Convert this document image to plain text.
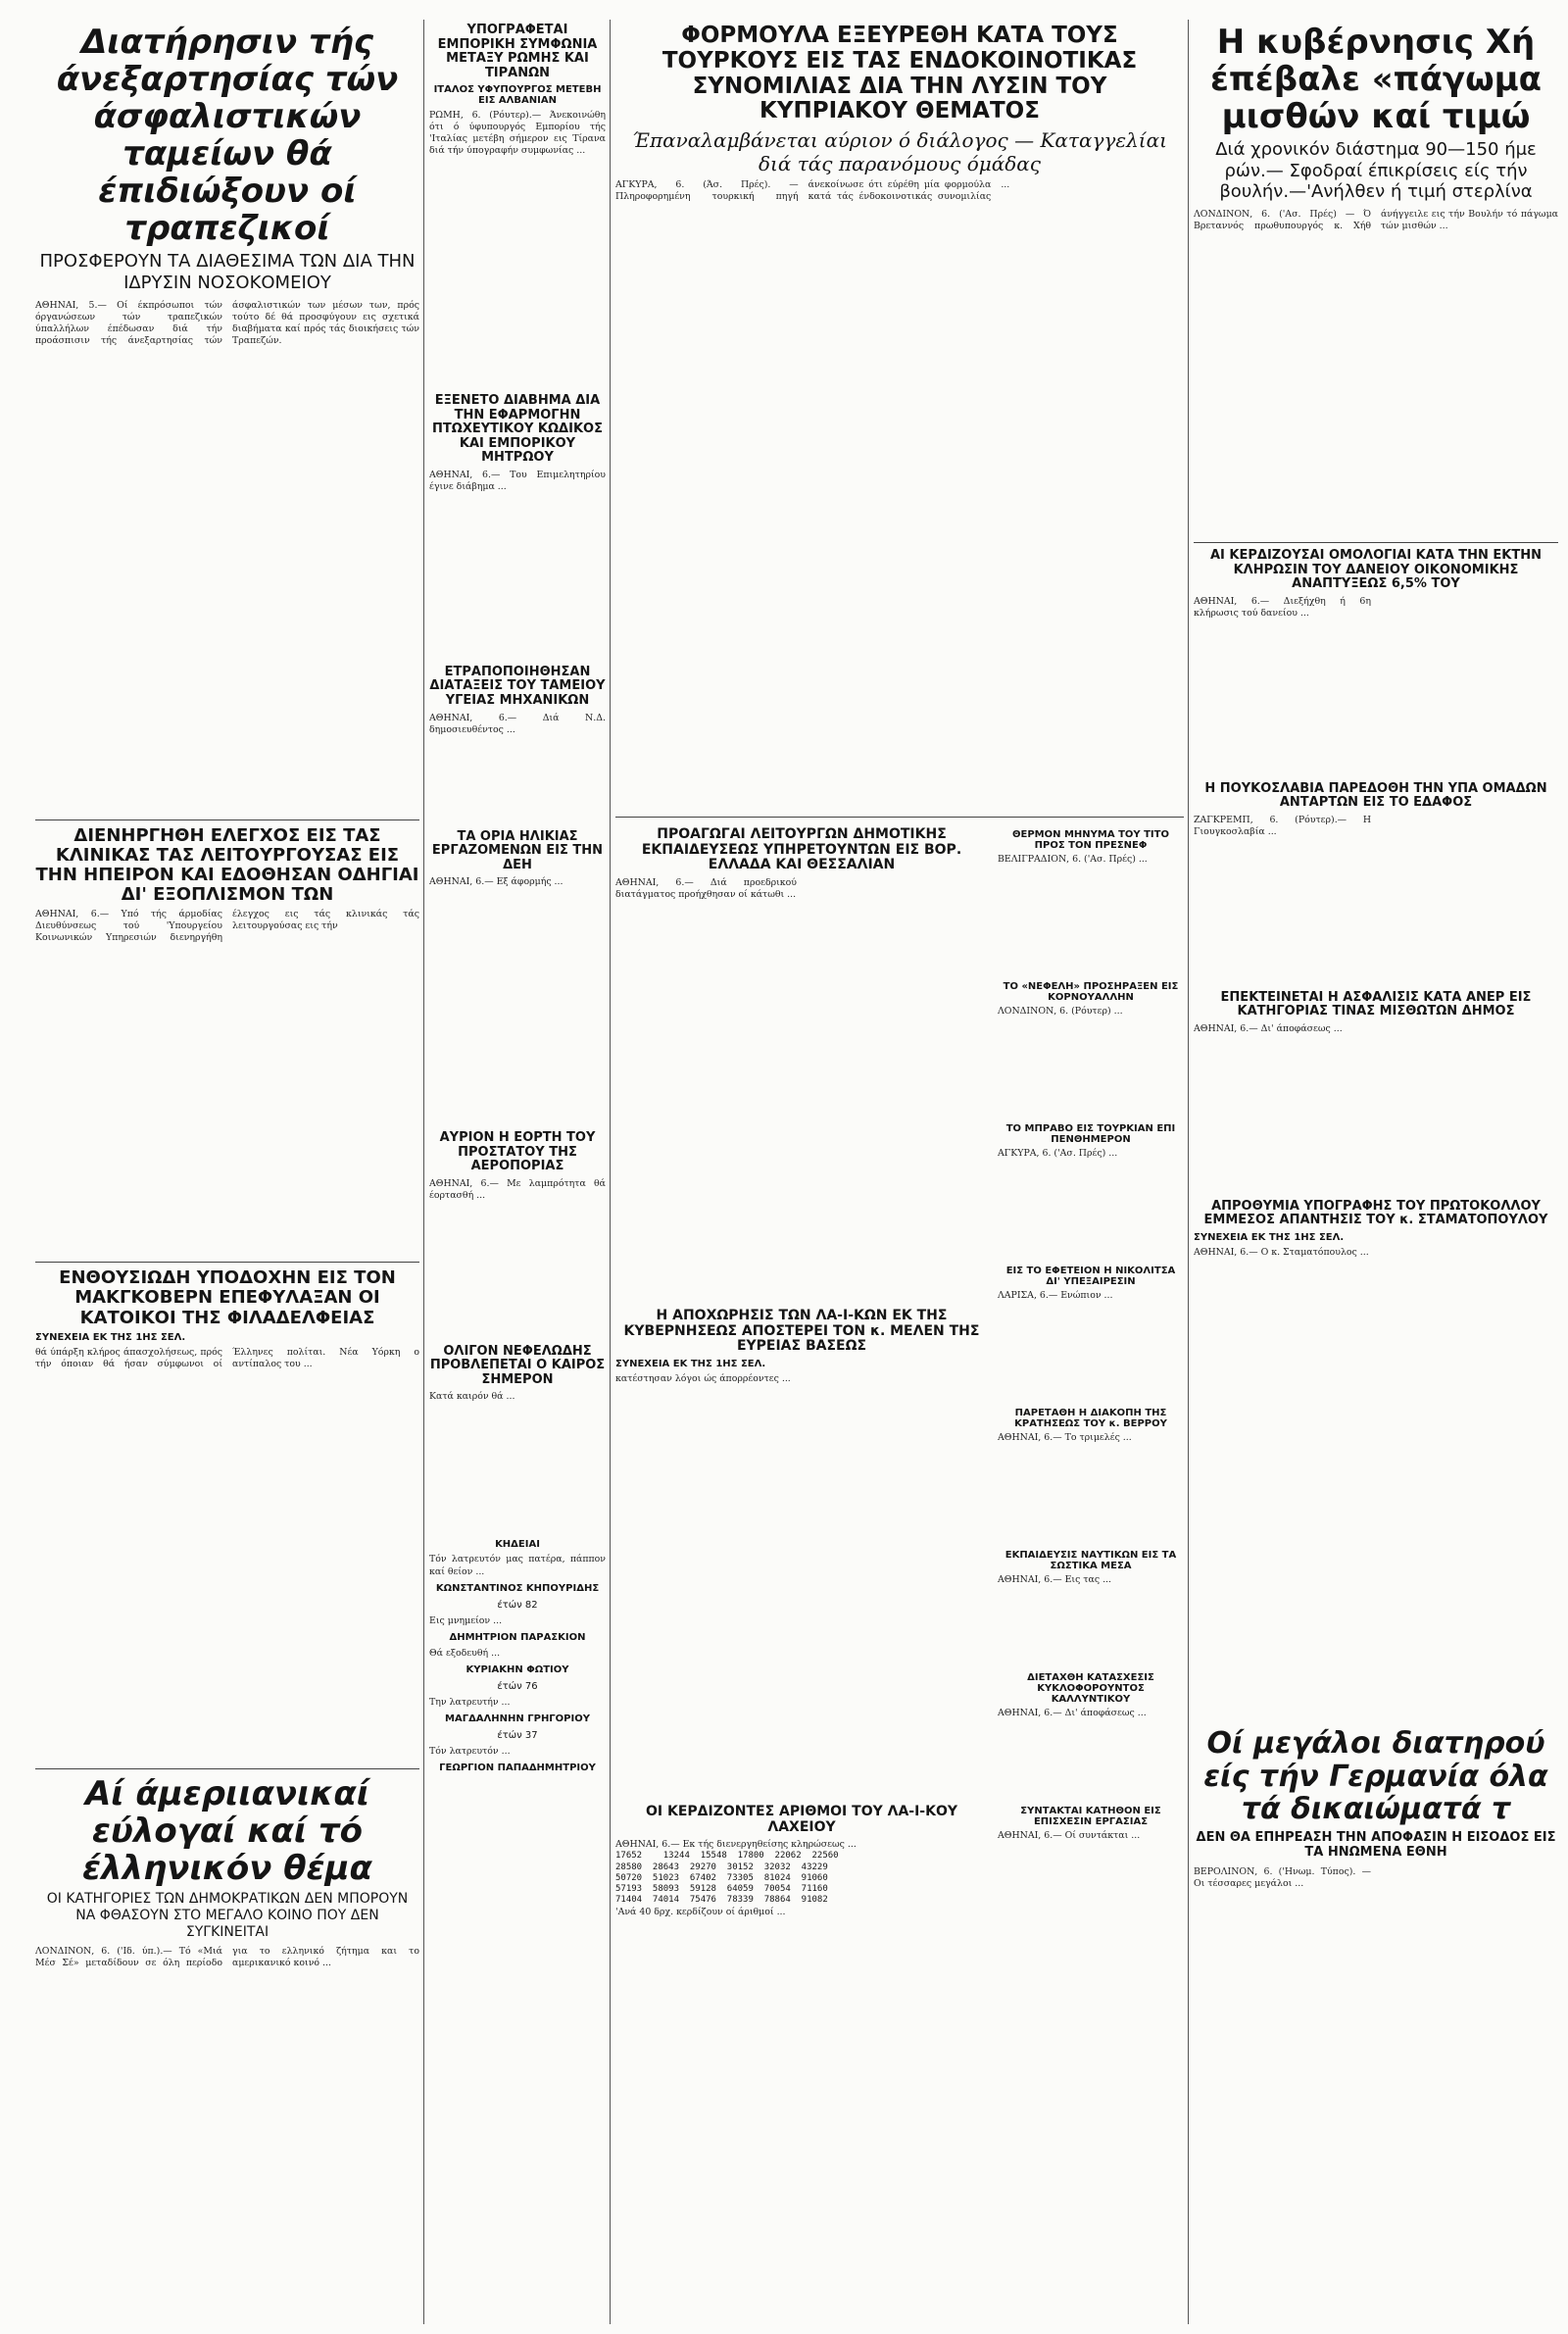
Διατήρησιν τής άνεξαρτησίας τών άσφαλιστικών ταμείων θά έπιδιώξουν οί τραπεζικοί
ΠΡΟΣΦΕΡΟΥΝ ΤΑ ΔΙΑΘΕΣΙΜΑ ΤΩΝ ΔΙΑ ΤΗΝ ΙΔΡΥΣΙΝ ΝΟΣΟΚΟΜΕΙΟΥ

ΑΘΗΝΑΙ, 5.— Οί έκπρόσωποι τών όργανώσεων τών τραπεζικών ύπαλλήλων έπέδωσαν διά τήν προάσπισιν τής άνεξαρτησίας τών άσφαλιστικών των μέσων των, πρός τούτο δέ θά προσφύγουν εις σχετικά διαβήματα καί πρός τάς διοικήσεις τών Τραπεζών.

ΔΙΕΝΗΡΓΗΘΗ ΕΛΕΓΧΟΣ ΕΙΣ ΤΑΣ ΚΛΙΝΙΚΑΣ ΤΑΣ ΛΕΙΤΟΥΡΓΟΥΣΑΣ ΕΙΣ ΤΗΝ ΗΠΕΙΡΟΝ ΚΑΙ ΕΔΟΘΗΣΑΝ ΟΔΗΓΙΑΙ ΔΙ' ΕΞΟΠΛΙΣΜΟΝ ΤΩΝ

ΑΘΗΝΑΙ, 6.— Υπό τής άρμοδίας Διευθύνσεως τού 'Υπουργείου Κοινωνικών Υπηρεσιών διενηργήθη έλεγχος εις τάς κλινικάς τάς λειτουργούσας εις τήν

ΕΝΘΟΥΣΙΩΔΗ ΥΠΟΔΟΧΗΝ ΕΙΣ ΤΟΝ ΜΑΚΓΚΟΒΕΡΝ ΕΠΕΦΥΛΑΞΑΝ ΟΙ ΚΑΤΟΙΚΟΙ ΤΗΣ ΦΙΛΑΔΕΛΦΕΙΑΣ
ΣΥΝΕΧΕΙΑ ΕΚ ΤΗΣ 1ΗΣ ΣΕΛ.

θά ύπάρξη κλήρος άπασχολήσεως, πρός τήν όποιαν θά ήσαν σύμφωνοι οί Έλληνες πολίται. Νέα Υόρκη ο αντίπαλος του ...

Αί άμεριιανικαί εύλογαί καί τό έλληνικόν θέμα
ΟΙ ΚΑΤΗΓΟΡΙΕΣ ΤΩΝ ΔΗΜΟΚΡΑΤΙΚΩΝ ΔΕΝ ΜΠΟΡΟΥΝ ΝΑ ΦΘΑΣΟΥΝ ΣΤΟ ΜΕΓΑΛΟ ΚΟΙΝΟ ΠΟΥ ΔΕΝ ΣΥΓΚΙΝΕΙΤΑΙ

ΛΟΝΔΙΝΟΝ, 6. ('Ιδ. ύπ.).— Τό «Μιά Μέσ Σέ» μεταδίδουν σε όλη περίοδο για το ελληνικό ζήτημα και το αμερικανικό κοινό ...

ΥΠΟΓΡΑΦΕΤΑΙ ΕΜΠΟΡΙΚΗ ΣΥΜΦΩΝΙΑ ΜΕΤΑΞΥ ΡΩΜΗΣ ΚΑΙ ΤΙΡΑΝΩΝ
ΙΤΑΛΟΣ ΥΦΥΠΟΥΡΓΟΣ ΜΕΤΕΒΗ ΕΙΣ ΑΛΒΑΝΙΑΝ

ΡΩΜΗ, 6. (Ρόυτερ).— Άνεκοινώθη ότι ό ύφυπουργός Εμπορίου τής 'Ιταλίας μετέβη σήμερον εις Τίρανα διά τήν ύπογραφήν συμφωνίας ...

ΕΞΕΝΕΤΟ ΔΙΑΒΗΜΑ ΔΙΑ ΤΗΝ ΕΦΑΡΜΟΓΗΝ ΠΤΩΧΕΥΤΙΚΟΥ ΚΩΔΙΚΟΣ ΚΑΙ ΕΜΠΟΡΙΚΟΥ ΜΗΤΡΩΟΥ

ΑΘΗΝΑΙ, 6.— Του Επιμελητηρίου έγινε διάβημα ...

ΕΤΡΑΠΟΠΟΙΗΘΗΣΑΝ ΔΙΑΤΑΞΕΙΣ ΤΟΥ ΤΑΜΕΙΟΥ ΥΓΕΙΑΣ ΜΗΧΑΝΙΚΩΝ

ΑΘΗΝΑΙ, 6.— Διά Ν.Δ. δημοσιευθέντος ...

ΤΑ ΟΡΙΑ ΗΛΙΚΙΑΣ ΕΡΓΑΖΟΜΕΝΩΝ ΕΙΣ ΤΗΝ ΔΕΗ

ΑΘΗΝΑΙ, 6.— Εξ άφορμής ...

ΑΥΡΙΟΝ Η ΕΟΡΤΗ ΤΟΥ ΠΡΟΣΤΑΤΟΥ ΤΗΣ ΑΕΡΟΠΟΡΙΑΣ

ΑΘΗΝΑΙ, 6.— Με λαμπρότητα θά έορτασθή ...

ΟΛΙΓΟΝ ΝΕΦΕΛΩΔΗΣ ΠΡΟΒΛΕΠΕΤΑΙ Ο ΚΑΙΡΟΣ ΣΗΜΕΡΟΝ

Κατά καιρόν θά ...

ΚΗΔΕΙΑΙ

Τόν λατρευτόν μας πατέρα, πάππον καί θείον ...

ΚΩΝΣΤΑΝΤΙΝΟΣ ΚΗΠΟΥΡΙΔΗΣ
έτών 82

Εις μνημείον ...

ΔΗΜΗΤΡΙΟΝ ΠΑΡΑΣΚΙΟΝ

Θά εξοδευθή ...

ΚΥΡΙΑΚΗΝ ΦΩΤΙΟΥ
έτών 76

Την λατρευτήν ...

ΜΑΓΔΑΛΗΝΗΝ ΓΡΗΓΟΡΙΟΥ
έτών 37

Τόν λατρευτόν ...

ΓΕΩΡΓΙΟΝ ΠΑΠΑΔΗΜΗΤΡΙΟΥ
ΦΟΡΜΟΥΛΑ ΕΞΕΥΡΕΘΗ ΚΑΤΑ ΤΟΥΣ ΤΟΥΡΚΟΥΣ ΕΙΣ ΤΑΣ ΕΝΔΟΚΟΙΝΟΤΙΚΑΣ ΣΥΝΟΜΙΛΙΑΣ ΔΙΑ ΤΗΝ ΛΥΣΙΝ ΤΟΥ ΚΥΠΡΙΑΚΟΥ ΘΕΜΑΤΟΣ
Έπαναλαμβάνεται αύριον ό διάλογος — Καταγγελίαι διά τάς παρανόμους όμάδας

ΑΓΚΥΡΑ, 6. (Άσ. Πρές). — Πληροφορημένη τουρκική πηγή άνεκοίνωσε ότι εύρέθη μία φορμούλα κατά τάς ένδοκοινοτικάς συνομιλίας ...

ΠΡΟΑΓΩΓΑΙ ΛΕΙΤΟΥΡΓΩΝ ΔΗΜΟΤΙΚΗΣ ΕΚΠΑΙΔΕΥΣΕΩΣ ΥΠΗΡΕΤΟΥΝΤΩΝ ΕΙΣ ΒΟΡ. ΕΛΛΑΔΑ ΚΑΙ ΘΕΣΣΑΛΙΑΝ

ΑΘΗΝΑΙ, 6.— Διά προεδρικού διατάγματος προήχθησαν οί κάτωθι ...

Η ΑΠΟΧΩΡΗΣΙΣ ΤΩΝ ΛΑ-Ι-ΚΩΝ ΕΚ ΤΗΣ ΚΥΒΕΡΝΗΣΕΩΣ ΑΠΟΣΤΕΡΕΙ ΤΟΝ κ. ΜΕΛΕΝ ΤΗΣ ΕΥΡΕΙΑΣ ΒΑΣΕΩΣ
ΣΥΝΕΧΕΙΑ ΕΚ ΤΗΣ 1ΗΣ ΣΕΛ.

κατέστησαν λόγοι ώς άπορρέοντες ...

ΟΙ ΚΕΡΔΙΖΟΝΤΕΣ ΑΡΙΘΜΟΙ ΤΟΥ ΛΑ-Ι-ΚΟΥ ΛΑΧΕΙΟΥ

ΑΘΗΝΑΙ, 6.— Εκ τής διενεργηθείσης κληρώσεως ...

17652    13244  15548  17800  22062  22560
28580  28643  29270  30152  32032  43229
50720  51023  67402  73305  81024  91060
57193  58093  59128  64059  70054  71160
71404  74014  75476  78339  78864  91082

'Ανά 40 δρχ. κερδίζουν οί άριθμοί ...

ΘΕΡΜΟΝ ΜΗΝΥΜΑ ΤΟΥ ΤΙΤΟ ΠΡΟΣ ΤΟΝ ΠΡΕΣΝΕΦ

ΒΕΛΙΓΡΑΔΙΟΝ, 6. ('Ασ. Πρές) ...

ΤΟ «ΝΕΦΕΛΗ» ΠΡΟΣΗΡΑΞΕΝ ΕΙΣ ΚΟΡΝΟΥΑΛΛΗΝ

ΛΟΝΔΙΝΟΝ, 6. (Ρόυτερ) ...

ΤΟ ΜΠΡΑΒΟ ΕΙΣ ΤΟΥΡΚΙΑΝ ΕΠΙ ΠΕΝΘΗΜΕΡΟΝ

ΑΓΚΥΡΑ, 6. ('Ασ. Πρές) ...

ΕΙΣ ΤΟ ΕΦΕΤΕΙΟΝ Η ΝΙΚΟΛΙΤΣΑ ΔΙ' ΥΠΕΞΑΙΡΕΣΙΝ

ΛΑΡΙΣΑ, 6.— Ενώπιον ...

ΠΑΡΕΤΑΘΗ Η ΔΙΑΚΟΠΗ ΤΗΣ ΚΡΑΤΗΣΕΩΣ ΤΟΥ κ. ΒΕΡΡΟΥ

ΑΘΗΝΑΙ, 6.— Το τριμελές ...

ΕΚΠΑΙΔΕΥΣΙΣ ΝΑΥΤΙΚΩΝ ΕΙΣ ΤΑ ΣΩΣΤΙΚΑ ΜΕΣΑ

ΑΘΗΝΑΙ, 6.— Εις τας ...

ΔΙΕΤΑΧΘΗ ΚΑΤΑΣΧΕΣΙΣ ΚΥΚΛΟΦΟΡΟΥΝΤΟΣ ΚΑΛΛΥΝΤΙΚΟΥ

ΑΘΗΝΑΙ, 6.— Δι' άποφάσεως ...

ΣΥΝΤΑΚΤΑΙ ΚΑΤΗΘΟΝ ΕΙΣ ΕΠΙΣΧΕΣΙΝ ΕΡΓΑΣΙΑΣ

ΑΘΗΝΑΙ, 6.— Οί συντάκται ...

Η κυβέρνησις Χή έπέβαλε «πάγωμα μισθών καί τιμώ
Διά χρονικόν διάστημα 90—150 ήμε ρών.— Σφοδραί έπικρίσεις είς τήν βουλήν.—'Ανήλθεν ή τιμή στερλίνα

ΛΟΝΔΙΝΟΝ, 6. ('Ασ. Πρές) — Ό Βρεταννός πρωθυπουργός κ. Χήθ άνήγγειλε εις τήν Βουλήν τό πάγωμα τών μισθών ...

ΑΙ ΚΕΡΔΙΖΟΥΣΑΙ ΟΜΟΛΟΓΙΑΙ ΚΑΤΑ ΤΗΝ ΕΚΤΗΝ ΚΛΗΡΩΣΙΝ ΤΟΥ ΔΑΝΕΙΟΥ ΟΙΚΟΝΟΜΙΚΗΣ ΑΝΑΠΤΥΞΕΩΣ 6,5% ΤΟΥ

ΑΘΗΝΑΙ, 6.— Διεξήχθη ή 6η κλήρωσις τού δανείου ...

Η ΠΟΥΚΟΣΛΑΒΙΑ ΠΑΡΕΔΟΘΗ ΤΗΝ ΥΠΑ ΟΜΑΔΩΝ ΑΝΤΑΡΤΩΝ ΕΙΣ ΤΟ ΕΔΑΦΟΣ

ΖΑΓΚΡΕΜΠ, 6. (Ρόυτερ).— Η Γιουγκοσλαβία ...

ΕΠΕΚΤΕΙΝΕΤΑΙ Η ΑΣΦΑΛΙΣΙΣ ΚΑΤΑ ΑΝΕΡ ΕΙΣ ΚΑΤΗΓΟΡΙΑΣ ΤΙΝΑΣ ΜΙΣΘΩΤΩΝ ΔΗΜΟΣ

ΑΘΗΝΑΙ, 6.— Δι' άποφάσεως ...

ΑΠΡΟΘΥΜΙΑ ΥΠΟΓΡΑΦΗΣ ΤΟΥ ΠΡΩΤΟΚΟΛΛΟΥ ΕΜΜΕΣΟΣ ΑΠΑΝΤΗΣΙΣ ΤΟΥ κ. ΣΤΑΜΑΤΟΠΟΥΛΟΥ
ΣΥΝΕΧΕΙΑ ΕΚ ΤΗΣ 1ΗΣ ΣΕΛ.

ΑΘΗΝΑΙ, 6.— Ο κ. Σταματόπουλος ...

Οί μεγάλοι διατηρού είς τήν Γερμανία όλα τά δικαιώματά τ
ΔΕΝ ΘΑ ΕΠΗΡΕΑΣΗ ΤΗΝ ΑΠΟΦΑΣΙΝ Η ΕΙΣΟΔΟΣ ΕΙΣ ΤΑ ΗΝΩΜΕΝΑ ΕΘΝΗ

ΒΕΡΟΛΙΝΟΝ, 6. ('Ηνωμ. Τύπος). — Οι τέσσαρες μεγάλοι ...
